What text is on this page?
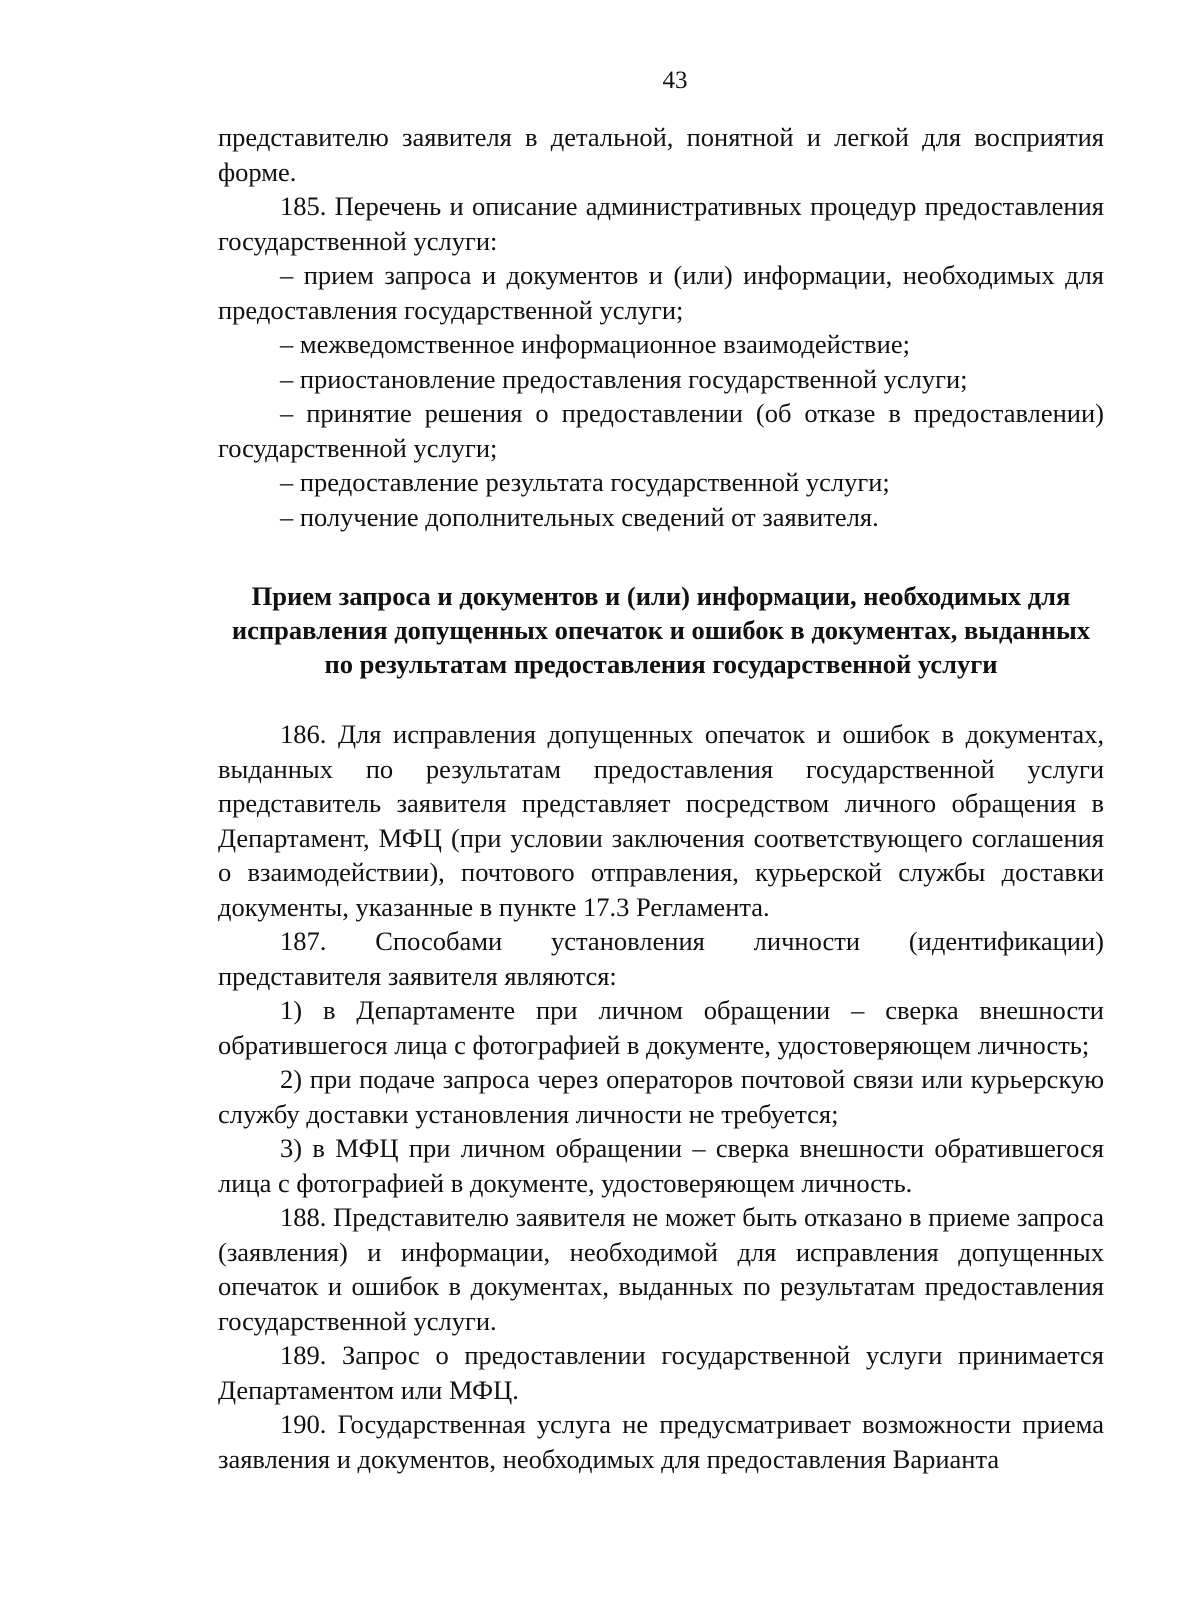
43

представителю заявителя в детальной, понятной и легкой для восприятия форме.

185. Перечень и описание административных процедур предоставления государственной услуги:

– прием запроса и документов и (или) информации, необходимых для предоставления государственной услуги;

– межведомственное информационное взаимодействие;

– приостановление предоставления государственной услуги;

– принятие решения о предоставлении (об отказе в предоставлении) государственной услуги;

– предоставление результата государственной услуги;

– получение дополнительных сведений от заявителя.

Прием запроса и документов и (или) информации, необходимых для исправления допущенных опечаток и ошибок в документах, выданных по результатам предоставления государственной услуги

186. Для исправления допущенных опечаток и ошибок в документах, выданных по результатам предоставления государственной услуги представитель заявителя представляет посредством личного обращения в Департамент, МФЦ (при условии заключения соответствующего соглашения о взаимодействии), почтового отправления, курьерской службы доставки документы, указанные в пункте 17.3 Регламента.

187. Способами установления личности (идентификации) представителя заявителя являются:

1) в Департаменте при личном обращении – сверка внешности обратившегося лица с фотографией в документе, удостоверяющем личность;

2) при подаче запроса через операторов почтовой связи или курьерскую службу доставки установления личности не требуется;

3) в МФЦ при личном обращении – сверка внешности обратившегося лица с фотографией в документе, удостоверяющем личность.

188. Представителю заявителя не может быть отказано в приеме запроса (заявления) и информации, необходимой для исправления допущенных опечаток и ошибок в документах, выданных по результатам предоставления государственной услуги.

189. Запрос о предоставлении государственной услуги принимается Департаментом или МФЦ.

190. Государственная услуга не предусматривает возможности приема заявления и документов, необходимых для предоставления Варианта
